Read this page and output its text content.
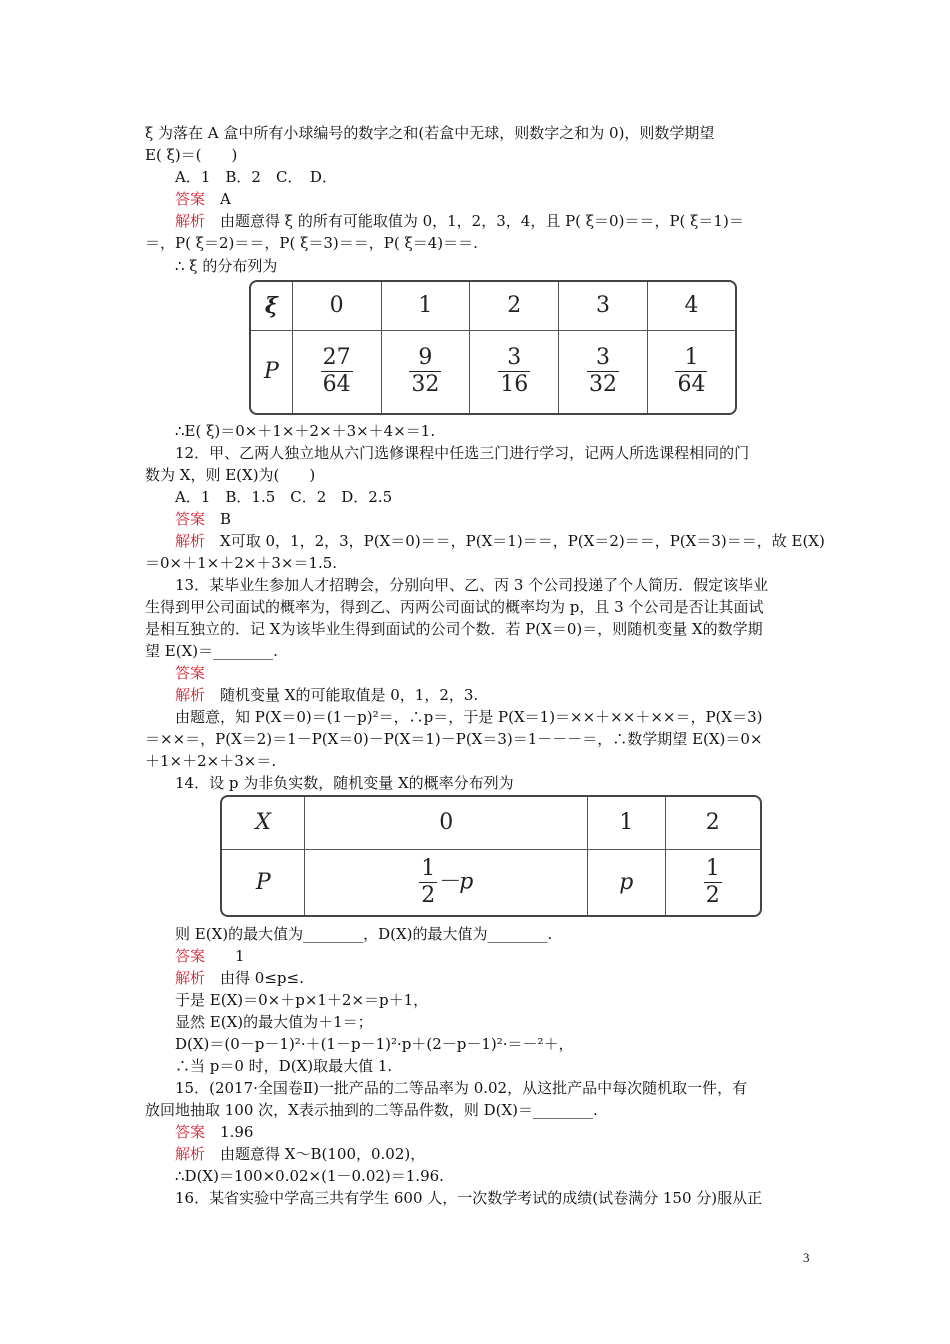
ξ 为落在 A 盒中所有小球编号的数字之和(若盒中无球，则数字之和为 0)，则数学期望
E( ξ)＝(　　)
A．1　B．2　C．　D．
答案　 A
解析　 由题意得 ξ 的所有可能取值为 0，1，2，3，4，且 P( ξ＝0)＝＝，P( ξ＝1)＝
＝，P( ξ＝2)＝＝，P( ξ＝3)＝＝，P( ξ＝4)＝＝.
∴ ξ 的分布列为
ξ	0	1	2	3	4
P	$\frac{27}{64}$	$\frac{9}{32}$	$\frac{3}{16}$	$\frac{3}{32}$	$\frac{1}{64}$
∴E( ξ)＝0×＋1×＋2×＋3×＋4×＝1.
12．甲、乙两人独立地从六门选修课程中任选三门进行学习，记两人所选课程相同的门
数为 X，则 E(X)为(　　)
A．1　B．1.5　C．2　D．2.5
答案　 B
解析　 X可取 0，1，2，3，P(X＝0)＝＝，P(X＝1)＝＝，P(X＝2)＝＝，P(X＝3)＝＝，故 E(X)
＝0×＋1×＋2×＋3×＝1.5.
13．某毕业生参加人才招聘会，分别向甲、乙、丙 3 个公司投递了个人简历．假定该毕业
生得到甲公司面试的概率为，得到乙、丙两公司面试的概率均为 p，且 3 个公司是否让其面试
是相互独立的．记 X为该毕业生得到面试的公司个数．若 P(X＝0)＝，则随机变量 X的数学期
望 E(X)＝________.
答案
解析　 随机变量 X的可能取值是 0，1，2，3.
由题意，知 P(X＝0)＝(1－p)²＝，∴p＝，于是 P(X＝1)＝××＋××＋××＝，P(X＝3)
＝××＝，P(X＝2)＝1－P(X＝0)－P(X＝1)－P(X＝3)＝1－－－＝，∴数学期望 E(X)＝0×
＋1×＋2×＋3×＝.
14．设 p 为非负实数，随机变量 X的概率分布列为
X	0	1	2
P	$\frac{1}{2} -p$	p	$\frac{1}{2}$
则 E(X)的最大值为________，D(X)的最大值为________.
答案　　 1
解析　 由得 0≤p≤.
于是 E(X)＝0×＋p×1＋2×＝p＋1，
显然 E(X)的最大值为＋1＝；
D(X)＝(0－p－1)²·＋(1－p－1)²·p＋(2－p－1)²·＝－²＋，
∴当 p＝0 时，D(X)取最大值 1.
15．(2017·全国卷Ⅱ)一批产品的二等品率为 0.02，从这批产品中每次随机取一件，有
放回地抽取 100 次，X表示抽到的二等品件数，则 D(X)＝________.
答案　 1.96
解析　 由题意得 X～B(100，0.02)，
∴D(X)＝100×0.02×(1－0.02)＝1.96.
16．某省实验中学高三共有学生 600 人，一次数学考试的成绩(试卷满分 150 分)服从正
3
